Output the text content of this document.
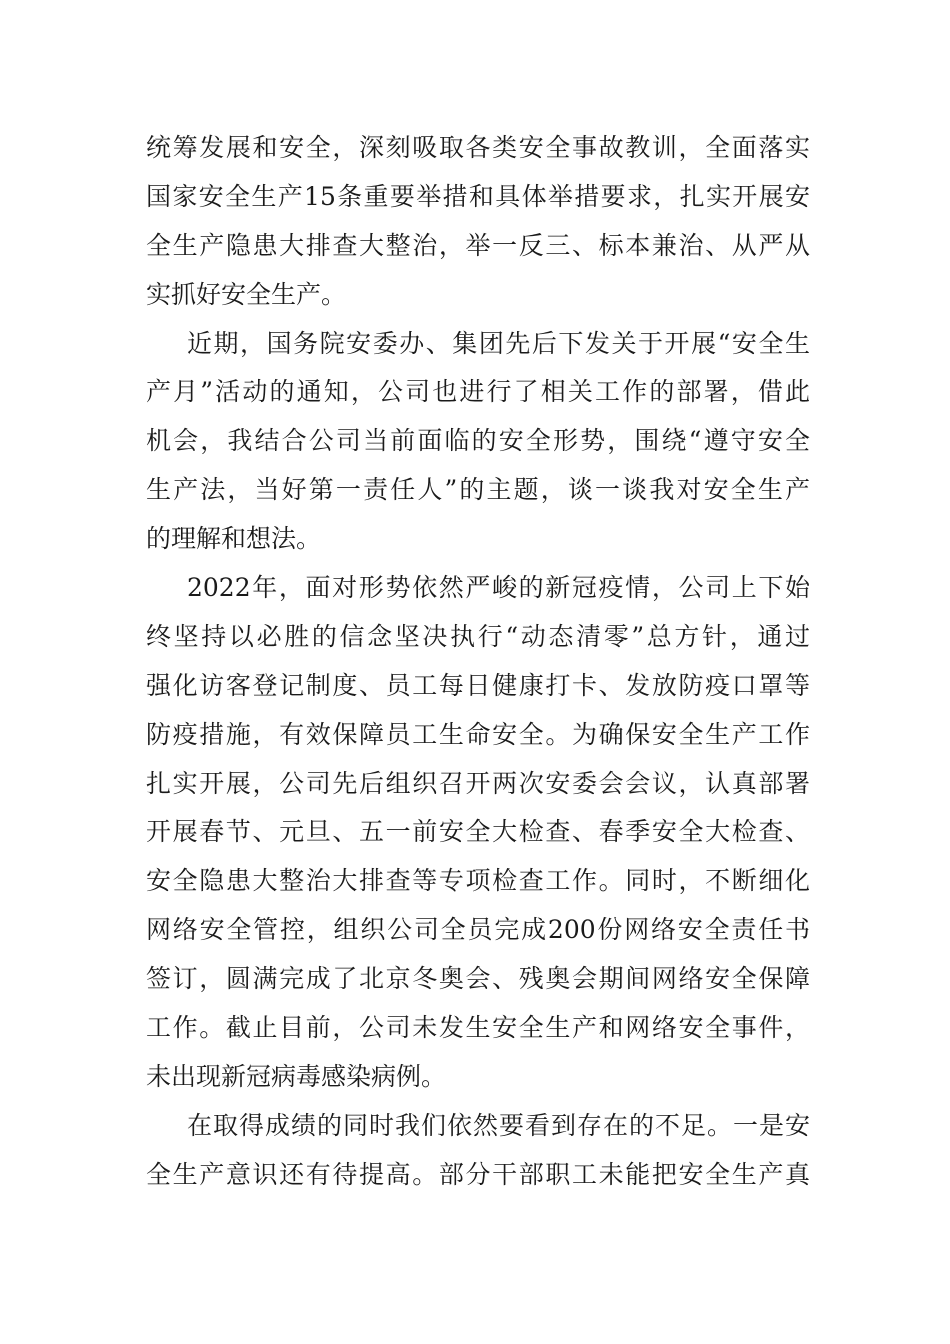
统筹发展和安全，深刻吸取各类安全事故教训，全面落实
国家安全生产15条重要举措和具体举措要求，扎实开展安
全生产隐患大排查大整治，举一反三、标本兼治、从严从
实抓好安全生产。
近期，国务院安委办、集团先后下发关于开展“安全生
产月”活动的通知，公司也进行了相关工作的部署，借此
机会，我结合公司当前面临的安全形势，围绕“遵守安全
生产法，当好第一责任人”的主题，谈一谈我对安全生产
的理解和想法。
2022年，面对形势依然严峻的新冠疫情，公司上下始
终坚持以必胜的信念坚决执行“动态清零”总方针，通过
强化访客登记制度、员工每日健康打卡、发放防疫口罩等
防疫措施，有效保障员工生命安全。为确保安全生产工作
扎实开展，公司先后组织召开两次安委会会议，认真部署
开展春节、元旦、五一前安全大检查、春季安全大检查、
安全隐患大整治大排查等专项检查工作。同时，不断细化
网络安全管控，组织公司全员完成200份网络安全责任书
签订，圆满完成了北京冬奥会、残奥会期间网络安全保障
工作。截止目前，公司未发生安全生产和网络安全事件，
未出现新冠病毒感染病例。
在取得成绩的同时我们依然要看到存在的不足。一是安
全生产意识还有待提高。部分干部职工未能把安全生产真
